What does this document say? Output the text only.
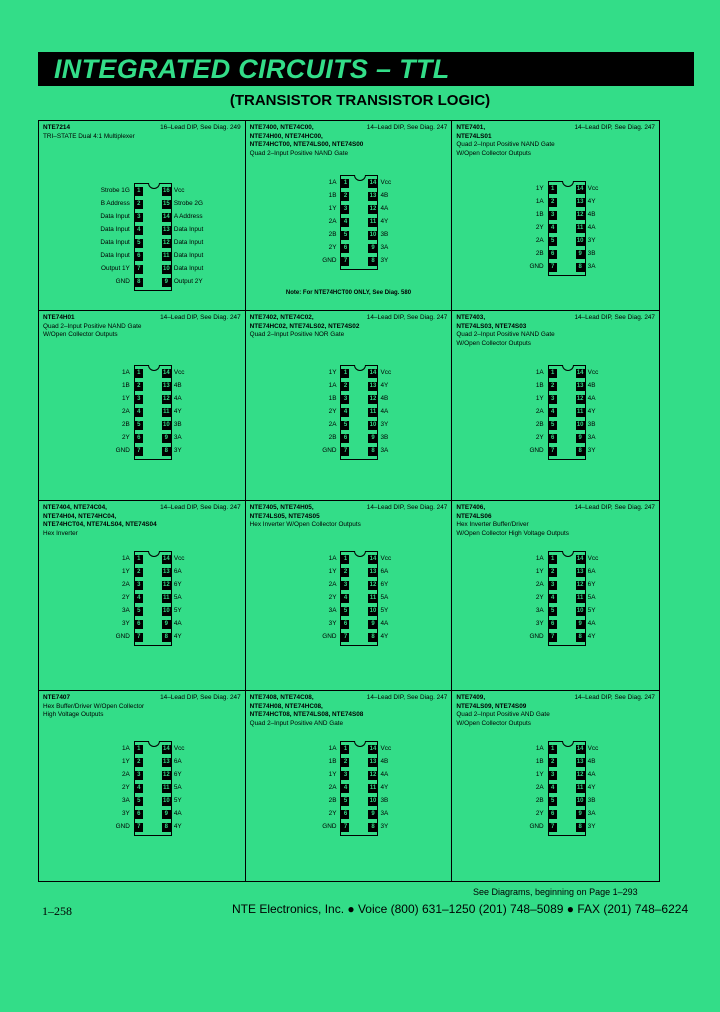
INTEGRATED CIRCUITS – TTL
(TRANSISTOR TRANSISTOR LOGIC)
NTE7214	16–Lead DIP, See Diag. 249
TRI–STATE Dual 4:1 Multiplexer
Strobe 1G	1	16 Vcc
B Address	2	15 Strobe 2G
Data Input	3	14 A Address
Data Input	4	13 Data Input
Data Input	5	12 Data Input
Data Input	6	11 Data Input
Output 1Y	7	10 Data Input
GND	8	9 Output 2Y
NTE7400, NTE74C00,
NTE74H00, NTE74HC00,
NTE74HCT00, NTE74LS00, NTE74S00
14–Lead DIP, See Diag. 247
Quad 2–Input Positive NAND Gate
1A	1	14 Vcc
1B	2	13 4B
1Y	3	12 4A
2A	4	11 4Y
2B	5	10 3B
2Y	6	9 3A
GND	7	8 3Y
Note: For NTE74HCT00 ONLY, See Diag. 580
NTE7401,
NTE74LS01
14–Lead DIP, See Diag. 247
Quad 2–Input Positive NAND Gate
W/Open Collector Outputs
1Y	1	14 Vcc
1A	2	13 4Y
1B	3	12 4B
2Y	4	11 4A
2A	5	10 3Y
2B	6	9 3B
GND	7	8 3A
NTE74H01	14–Lead DIP, See Diag. 247
Quad 2–Input Positive NAND Gate
W/Open Collector Outputs
1A	1	14 Vcc
1B	2	13 4B
1Y	3	12 4A
2A	4	11 4Y
2B	5	10 3B
2Y	6	9 3A
GND	7	8 3Y
NTE7402, NTE74C02,
NTE74HC02, NTE74LS02, NTE74S02
14–Lead DIP, See Diag. 247
Quad 2–Input Positive NOR Gate
1Y	1	14 Vcc
1A	2	13 4Y
1B	3	12 4B
2Y	4	11 4A
2A	5	10 3Y
2B	6	9 3B
GND	7	8 3A
NTE7403,
NTE74LS03, NTE74S03
14–Lead DIP, See Diag. 247
Quad 2–Input Positive NAND Gate
W/Open Collector Outputs
1A	1	14 Vcc
1B	2	13 4B
1Y	3	12 4A
2A	4	11 4Y
2B	5	10 3B
2Y	6	9 3A
GND	7	8 3Y
NTE7404, NTE74C04,
NTE74H04, NTE74HC04,
NTE74HCT04, NTE74LS04, NTE74S04
14–Lead DIP, See Diag. 247
Hex Inverter
1A	1	14 Vcc
1Y	2	13 6A
2A	3	12 6Y
2Y	4	11 5A
3A	5	10 5Y
3Y	6	9 4A
GND	7	8 4Y
NTE7405, NTE74H05,
NTE74LS05, NTE74S05
14–Lead DIP, See Diag. 247
Hex Inverter W/Open Collector Outputs
1A	1	14 Vcc
1Y	2	13 6A
2A	3	12 6Y
2Y	4	11 5A
3A	5	10 5Y
3Y	6	9 4A
GND	7	8 4Y
NTE7406,
NTE74LS06
14–Lead DIP, See Diag. 247
Hex Inverter Buffer/Driver
W/Open Collector High Voltage Outputs
1A	1	14 Vcc
1Y	2	13 6A
2A	3	12 6Y
2Y	4	11 5A
3A	5	10 5Y
3Y	6	9 4A
GND	7	8 4Y
NTE7407	14–Lead DIP, See Diag. 247
Hex Buffer/Driver W/Open Collector
High Voltage Outputs
1A	1	14 Vcc
1Y	2	13 6A
2A	3	12 6Y
2Y	4	11 5A
3A	5	10 5Y
3Y	6	9 4A
GND	7	8 4Y
NTE7408, NTE74C08,
NTE74H08, NTE74HC08,
NTE74HCT08, NTE74LS08, NTE74S08
14–Lead DIP, See Diag. 247
Quad 2–Input Positive AND Gate
1A	1	14 Vcc
1B	2	13 4B
1Y	3	12 4A
2A	4	11 4Y
2B	5	10 3B
2Y	6	9 3A
GND	7	8 3Y
NTE7409,
NTE74LS09, NTE74S09
14–Lead DIP, See Diag. 247
Quad 2–Input Positive AND Gate
W/Open Collector Outputs
1A	1	14 Vcc
1B	2	13 4B
1Y	3	12 4A
2A	4	11 4Y
2B	5	10 3B
2Y	6	9 3A
GND	7	8 3Y
See Diagrams, beginning on Page 1–293
1–258	NTE Electronics, Inc. ● Voice (800) 631–1250 (201) 748–5089 ● FAX (201) 748–6224
